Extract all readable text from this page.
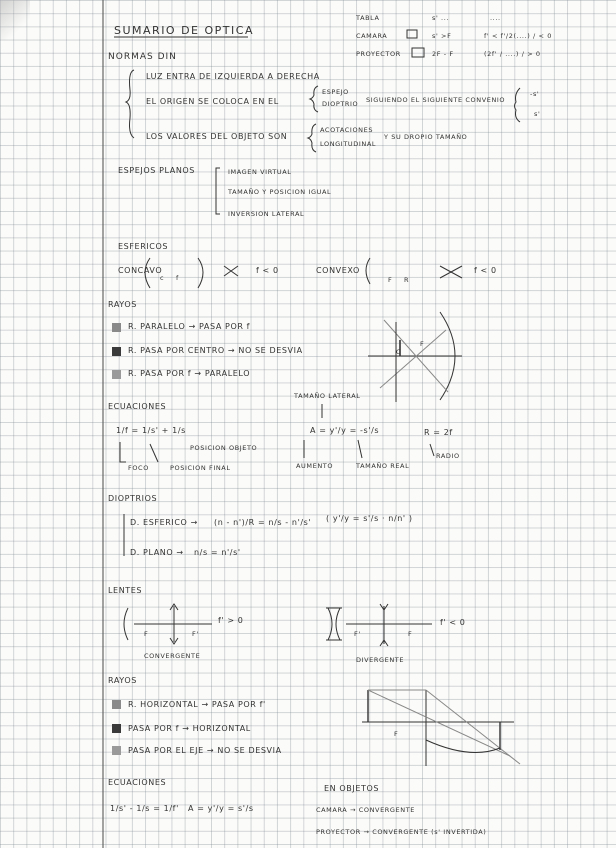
SUMARIO DE OPTICA
TABLA	s' ...	....
CAMARA	s' >F	f' < f'/2(....) / < 0
PROYECTOR	2F - F	(2f' / ....) / > 0
NORMAS DIN
LUZ ENTRA DE IZQUIERDA A DERECHA
EL ORIGEN SE COLOCA EN EL
ESPEJO
DIOPTRIO SIGUIENDO EL SIGUIENTE CONVENIO
-s'
s'
LOS VALORES DEL OBJETO SON
ACOTACIONES
LONGITUDINAL
Y SU DROPIO TAMAÑO
ESPEJOS PLANOS	IMAGEN VIRTUAL
TAMAÑO Y POSICION IGUAL
INVERSION LATERAL
ESFERICOS
CONCAVO
c f
f < 0	CONVEXO
F R
f < 0
RAYOS
R. PARALELO → PASA POR f
R. PASA POR CENTRO → NO SE DESVIA
R. PASA POR f → PARALELO
C
F
ECUACIONES
1/f = 1/s' + 1/s
POSICION OBJETO
FOCO	POSICION FINAL
TAMAÑO LATERAL
A = y'/y = -s'/s
AUMENTO	TAMAÑO REAL
R = 2f
RADIO
DIOPTRIOS
D. ESFERICO → (n - n')/R = n/s - n'/s' ( y'/y = s'/s · n/n' )
D. PLANO → n/s = n'/s'
LENTES
F	F'
f' > 0
CONVERGENTE
F'	F
f' < 0
DIVERGENTE
RAYOS
R. HORIZONTAL → PASA POR f'
PASA POR f → HORIZONTAL
PASA POR EL EJE → NO SE DESVIA
F
ECUACIONES
1/s' - 1/s = 1/f' A = y'/y = s'/s
EN OBJETOS
CAMARA → CONVERGENTE
PROYECTOR → CONVERGENTE (s' INVERTIDA)
